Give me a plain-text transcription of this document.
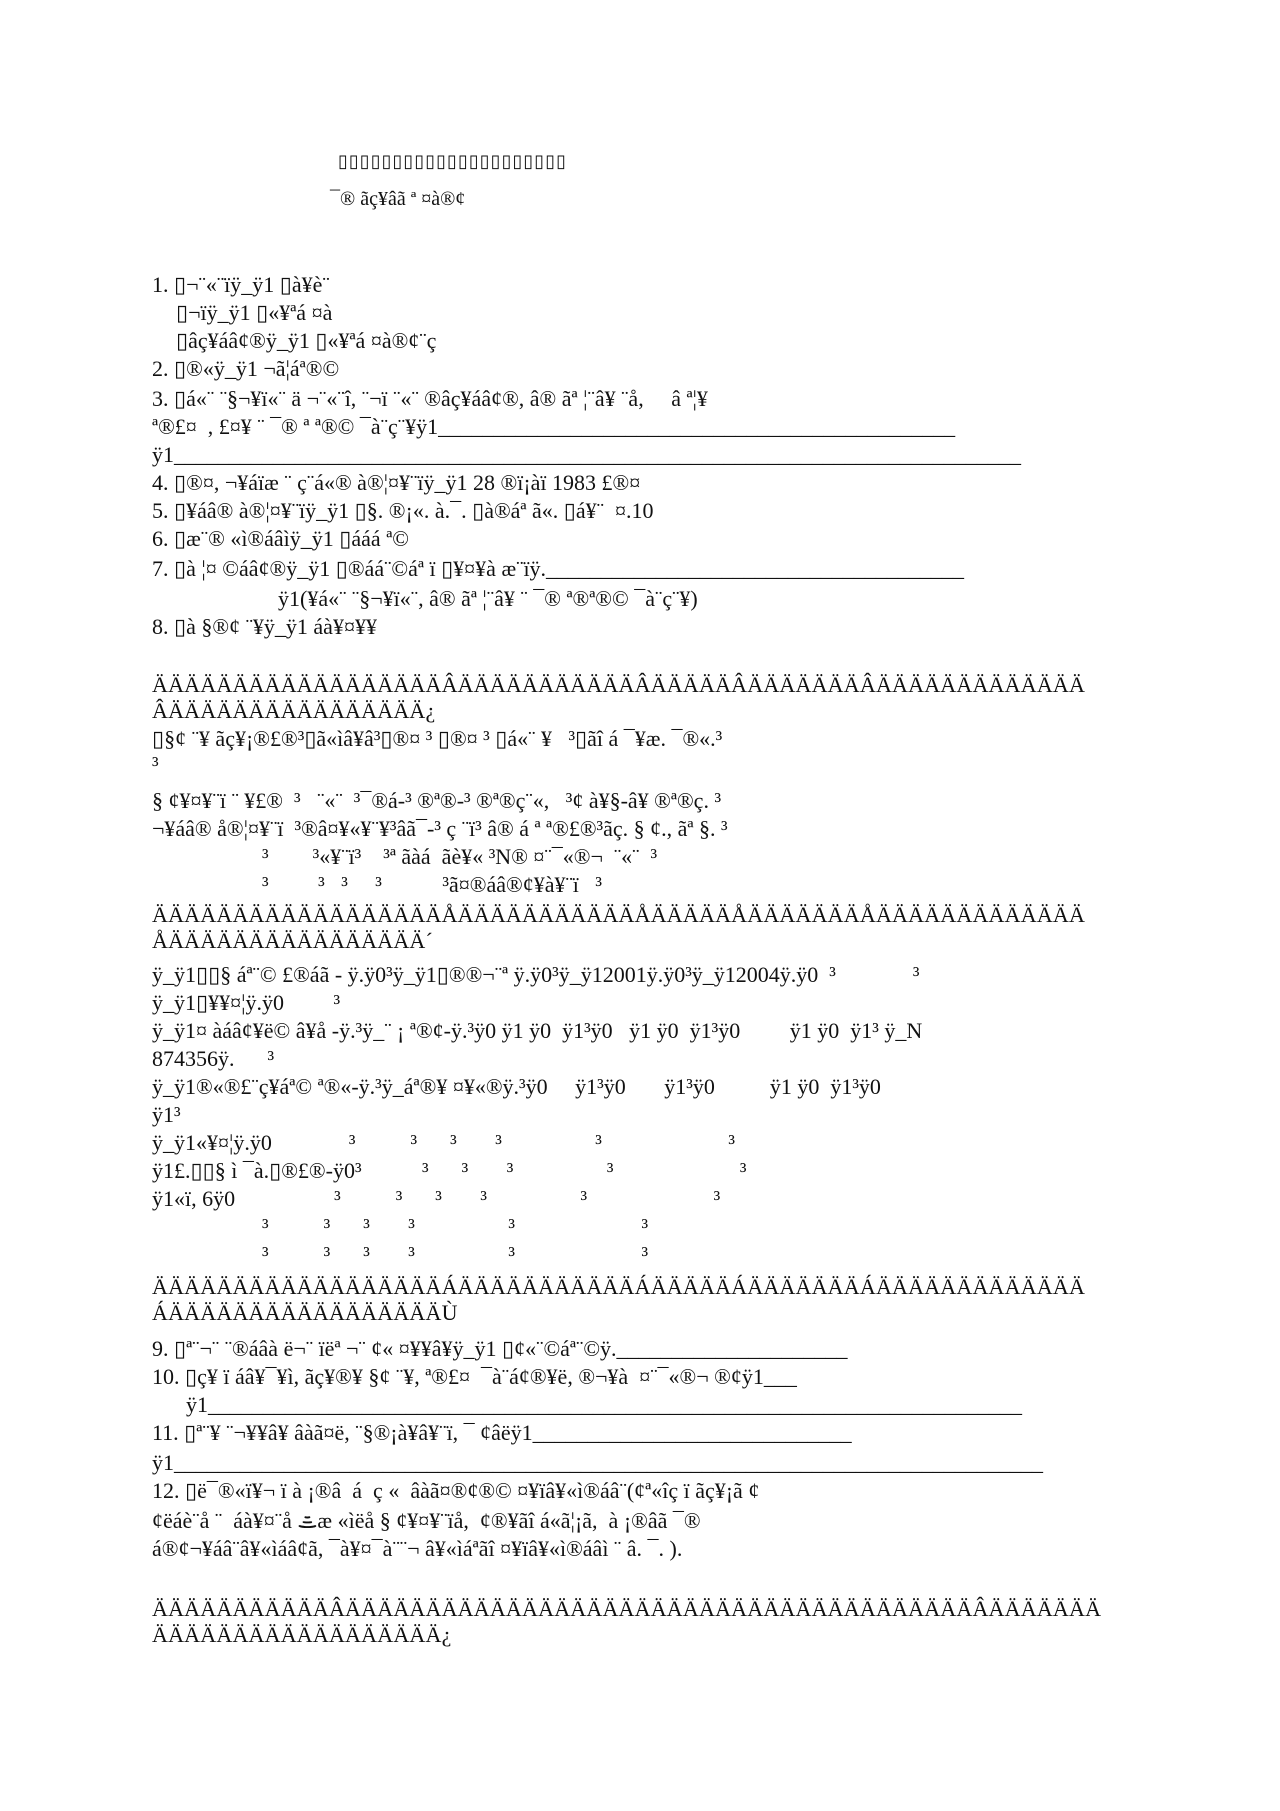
▯▯▯▯▯▯▯▯▯▯▯▯▯▯▯▯▯▯▯▯▯
¯® ãç¥âã ª ¤à®¢
1. ▯¬¨«¨ïÿ_ÿ1 ▯à¥è¨
▯¬ïÿ_ÿ1 ▯«¥ªá ¤à
▯âç¥áâ¢®ÿ_ÿ1 ▯«¥ªá ¤à®¢¨ç
2. ▯®«ÿ_ÿ1 ¬ã¦áª®©
3. ▯á«¨ ¨§¬¥ï«¨ ä ¬¨«¨î, ¨¬ï ¨«¨ ®âç¥áâ¢®, â® ãª ¦¨â¥ ¨å,     â ª¦¥
ª®£¤  , £¤¥ ¨ ¯® ª ª®© ¯à¨ç¨¥ÿ1_______________________________________________
ÿ1_____________________________________________________________________________
4. ▯®¤, ¬¥áïæ ¨ ç¨á«® à®¦¤¥¨ïÿ_ÿ1 28 ®ï¡àï 1983 £®¤
5. ▯¥áâ® à®¦¤¥¨ïÿ_ÿ1 ▯§. ®¡«. à.¯. ▯à®áª ã«. ▯á¥¨  ¤.10
6. ▯æ¨® «ì®áâìÿ_ÿ1 ▯ááá ª©
7. ▯à ¦¤ ©áâ¢®ÿ_ÿ1 ▯®áá¨©áª ï ▯¥¤¥à æ¨ïÿ.______________________________________
ÿ1(¥á«¨ ¨§¬¥ï«¨, â® ãª ¦¨â¥ ¨ ¯® ª®ª®© ¯à¨ç¨¥)
8. ▯à §®¢ ¨¥ÿ_ÿ1 áà¥¤¥¥
ÄÄÄÄÄÄÄÄÄÄÄÄÄÄÄÄÄÄÂÄÄÄÄÄÄÄÄÄÄÄÂÄÄÄÄÄÂÄÄÄÄÄÄÄÂÄÄÄÄÄÄÄÄÄÄÄÄÄ
ÂÄÄÄÄÄÄÄÄÄÄÄÄÄÄÄÄ¿
▯§¢ ¨¥ ãç¥¡®£®³▯ã«ìâ¥â³▯®¤ ³ ▯®¤ ³ ▯á«¨ ¥   ³▯ãî á ¯¥æ. ¯®«.³
³
§ ¢¥¤¥¨ï ¨ ¥£®  ³   ¨«¨  ³¯®á-³ ®ª®-³ ®ª®ç¨«,   ³¢ à¥§-â¥ ®ª®ç. ³
¬¥áâ® å®¦¤¥¨ï  ³®â¤¥«¥¨¥³âã¯-³ ç ¨ï³ â® á ª ª®£®³ãç. § ¢., ãª §. ³
³        ³«¥¨ï³    ³ª ãàá  ãè¥« ³N® ¤¨¯«®¬  ¨«¨  ³
³         ³   ³     ³           ³ã¤®áâ®¢¥à¥¨ï   ³
ÄÄÄÄÄÄÄÄÄÄÄÄÄÄÄÄÄÄÅÄÄÄÄÄÄÄÄÄÄÄÅÄÄÄÄÄÅÄÄÄÄÄÄÄÅÄÄÄÄÄÄÄÄÄÄÄÄÄ
ÅÄÄÄÄÄÄÄÄÄÄÄÄÄÄÄÄ´
ÿ_ÿ1▯▯§ áª¨© £®áã - ÿ.ÿ0³ÿ_ÿ1▯®®¬¨ª ÿ.ÿ0³ÿ_ÿ12001ÿ.ÿ0³ÿ_ÿ12004ÿ.ÿ0  ³              ³
ÿ_ÿ1▯¥¥¤¦ÿ.ÿ0         ³
ÿ_ÿ1¤ àáâ¢¥ë© â¥å -ÿ.³ÿ_¨ ¡ ª®¢-ÿ.³ÿ0 ÿ1 ÿ0  ÿ1³ÿ0   ÿ1 ÿ0  ÿ1³ÿ0         ÿ1 ÿ0  ÿ1³ ÿ_N
874356ÿ.      ³
ÿ_ÿ1®«®£¨ç¥áª© ª®«-ÿ.³ÿ_áª®¥ ¤¥«®ÿ.³ÿ0     ÿ1³ÿ0       ÿ1³ÿ0          ÿ1 ÿ0  ÿ1³ÿ0
ÿ1³
ÿ_ÿ1«¥¤¦ÿ.ÿ0              ³          ³      ³       ³                 ³                       ³
ÿ1£.▯▯§ ì ¯à.▯®£®-ÿ0³           ³      ³       ³                 ³                       ³
ÿ1«ï, 6ÿ0                  ³          ³      ³       ³                 ³                       ³
³          ³      ³       ³                 ³                       ³
³          ³      ³       ³                 ³                       ³
ÄÄÄÄÄÄÄÄÄÄÄÄÄÄÄÄÄÄÁÄÄÄÄÄÄÄÄÄÄÄÁÄÄÄÄÄÁÄÄÄÄÄÄÄÁÄÄÄÄÄÄÄÄÄÄÄÄÄ
ÁÄÄÄÄÄÄÄÄÄÄÄÄÄÄÄÄÄÙ
9. ▯ª¨¬¨ ¨®áâà ë¬¨ ïëª ¬¨ ¢« ¤¥¥â¥ÿ_ÿ1 ▯¢«¨©áª¨©ÿ._____________________
10. ▯ç¥ ï áâ¥¯¥ì, ãç¥®¥ §¢ ¨¥, ª®£¤  ¯à¨á¢®¥ë, ®¬¥à  ¤¨¯«®¬ ®¢ÿ1___
ÿ1__________________________________________________________________________
11. ▯ª¨¥ ¨¬¥¥â¥ âàã¤ë, ¨§®¡à¥â¥¨ï, ¯ ¢âëÿ1_____________________________
ÿ1_______________________________________________________________________________
12. ▯ë¯®«ï¥¬ ï à ¡®â  á  ç «  âàã¤®¢®© ¤¥ïâ¥«ì®áâ¨(¢ª«îç ï ãç¥¡ã ¢
¢ëáè¨å ¨  áà¥¤¨å ᯥæ «ìëå § ¢¥¤¥¨ïå,  ¢®¥ãî á«ã¦¡ã,  à ¡®âã ¯®
á®¢¬¥áâ¨â¥«ìáâ¢ã, ¯à¥¤¯à¨¨¬ â¥«ìáªãî ¤¥ïâ¥«ì®áâì ¨ â. ¯. ).
ÄÄÄÄÄÄÄÄÄÄÄÂÄÄÄÄÄÄÄÄÄÄÄÄÄÄÄÄÄÄÄÄÄÄÄÄÄÄÄÄÄÄÄÄÄÄÄÄÄÄÄÂÄÄÄÄÄÄÄ
ÄÄÄÄÄÄÄÄÄÄÄÄÄÄÄÄÄÄ¿
